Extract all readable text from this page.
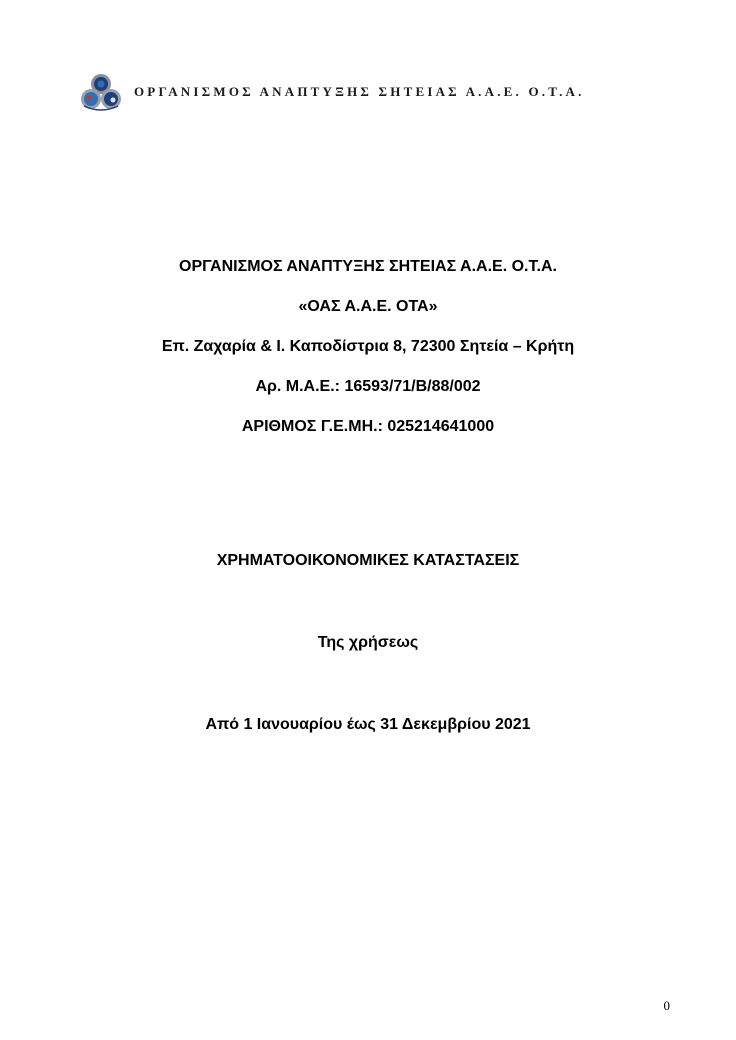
ΟΡΓΑΝΙΣΜΟΣ ΑΝΑΠΤΥΞΗΣ ΣΗΤΕΙΑΣ Α.Α.Ε. Ο.Τ.Α.
ΟΡΓΑΝΙΣΜΟΣ ΑΝΑΠΤΥΞΗΣ ΣΗΤΕΙΑΣ Α.Α.Ε. Ο.Τ.Α.
«ΟΑΣ Α.Α.Ε. ΟΤΑ»
Επ. Ζαχαρία & Ι. Καποδίστρια 8, 72300 Σητεία – Κρήτη
Αρ. Μ.Α.Ε.: 16593/71/Β/88/002
ΑΡΙΘΜΟΣ Γ.Ε.ΜΗ.: 025214641000
ΧΡΗΜΑΤΟΟΙΚΟΝΟΜΙΚΕΣ ΚΑΤΑΣΤΑΣΕΙΣ
Της χρήσεως
Από 1 Ιανουαρίου έως 31 Δεκεμβρίου 2021
0
